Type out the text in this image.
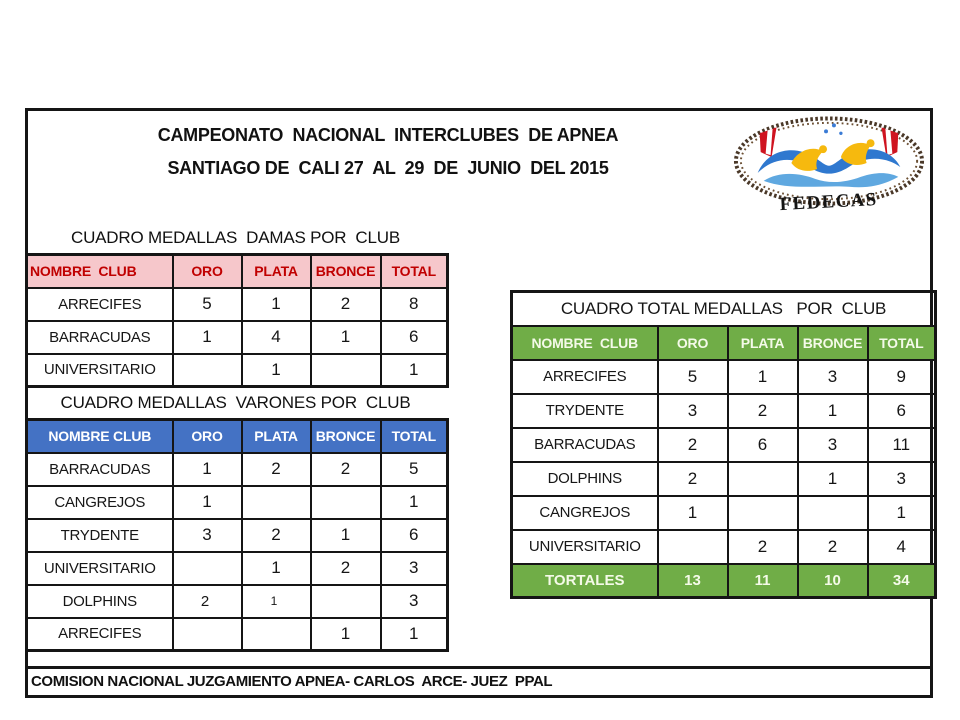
CAMPEONATO  NACIONAL  INTERCLUBES  DE APNEA
SANTIAGO DE  CALI 27  AL  29  DE  JUNIO  DEL 2015
FEDECAS
CUADRO MEDALLAS  DAMAS POR  CLUB
NOMBRE  CLUB	ORO	PLATA	BRONCE	TOTAL
ARRECIFES	5	1	2	8
BARRACUDAS	1	4	1	6
UNIVERSITARIO		1		1
CUADRO MEDALLAS  VARONES POR  CLUB
NOMBRE CLUB	ORO	PLATA	BRONCE	TOTAL
BARRACUDAS	1	2	2	5
CANGREJOS	1			1
TRYDENTE	3	2	1	6
UNIVERSITARIO		1	2	3
DOLPHINS	2	1		3
ARRECIFES			1	1
CUADRO TOTAL MEDALLAS   POR  CLUB				
NOMBRE  CLUB	ORO	PLATA	BRONCE	TOTAL
ARRECIFES	5	1	3	9
TRYDENTE	3	2	1	6
BARRACUDAS	2	6	3	11
DOLPHINS	2		1	3
CANGREJOS	1			1
UNIVERSITARIO		2	2	4
TORTALES	13	11	10	34
COMISION NACIONAL JUZGAMIENTO APNEA- CARLOS  ARCE- JUEZ  PPAL
